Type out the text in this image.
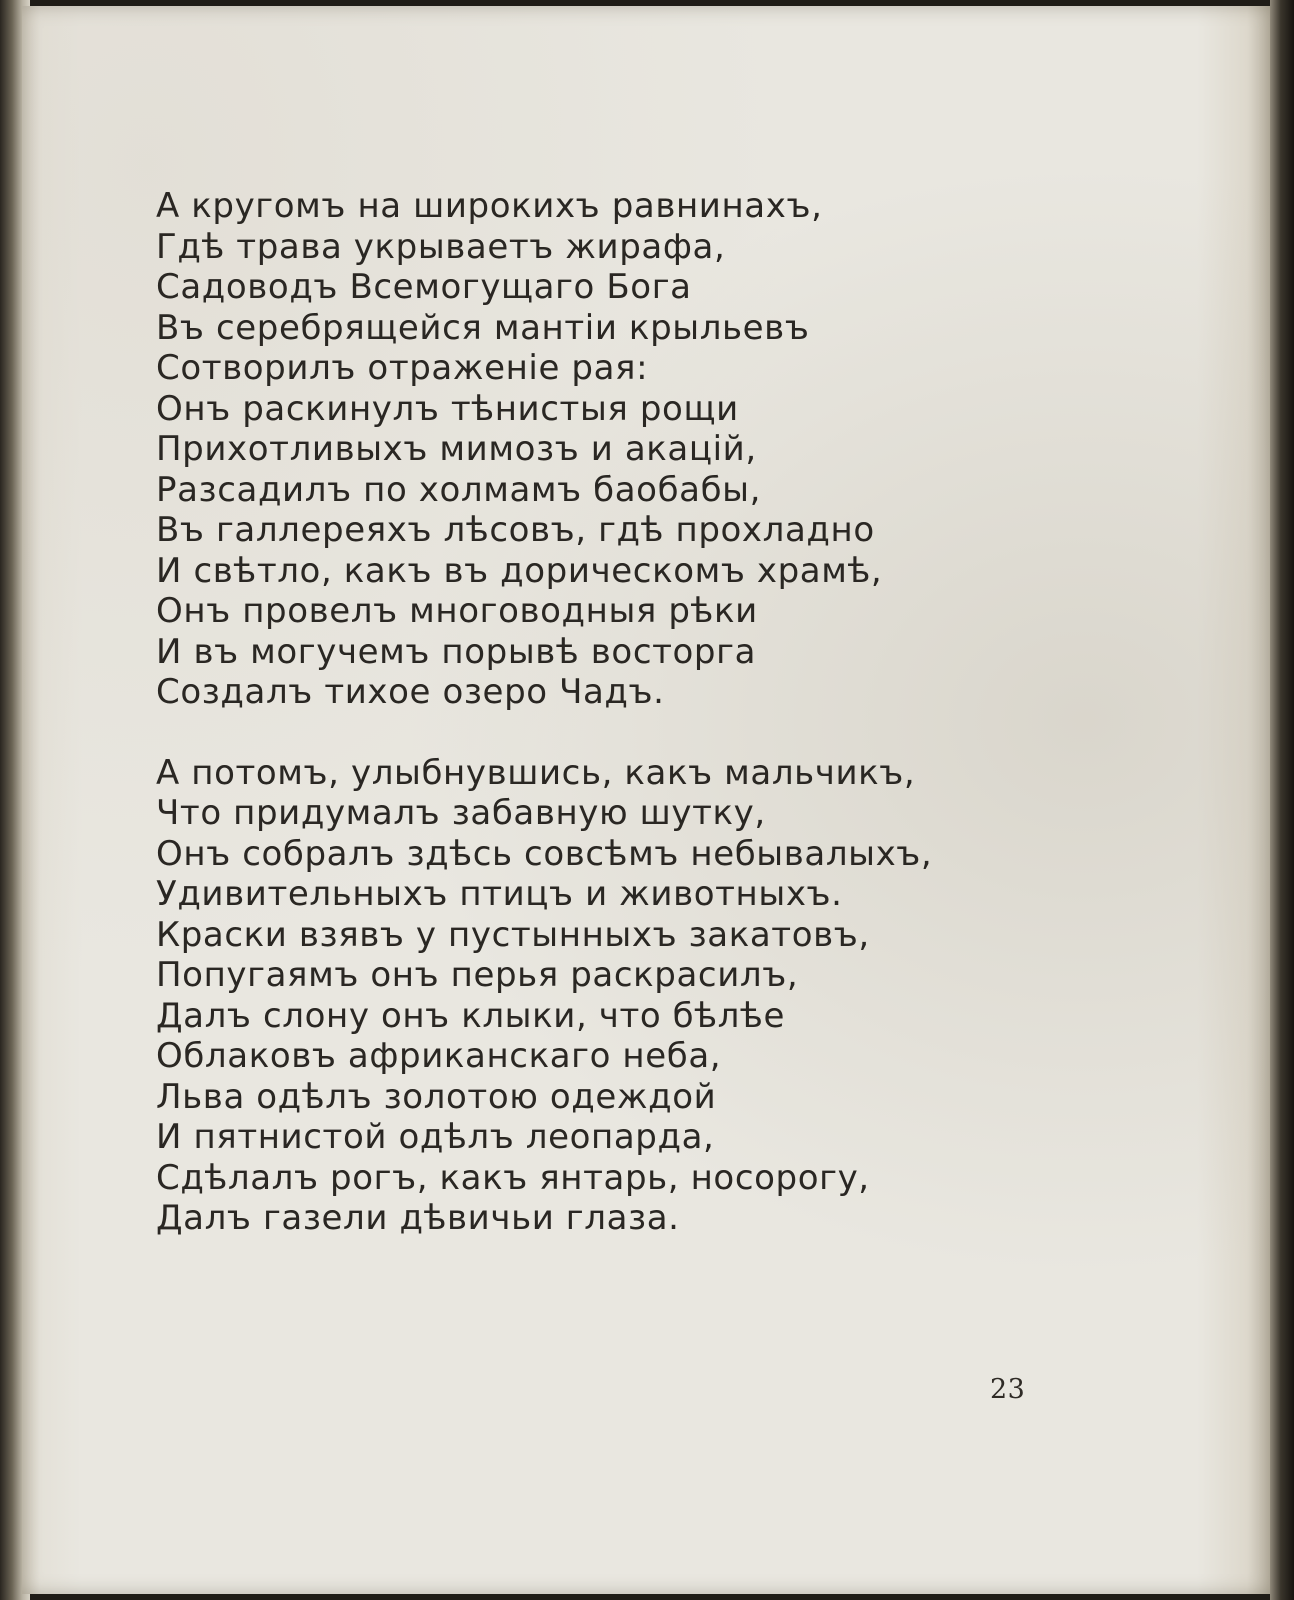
А кругомъ на широкихъ равнинахъ,
Гдѣ трава укрываетъ жирафа,
Садоводъ Всемогущаго Бога
Въ серебрящейся мантіи крыльевъ
Сотворилъ отраженіе рая:
Онъ раскинулъ тѣнистыя рощи
Прихотливыхъ мимозъ и акацій,
Разсадилъ по холмамъ баобабы,
Въ галлереяхъ лѣсовъ, гдѣ прохладно
И свѣтло, какъ въ дорическомъ храмѣ,
Онъ провелъ многоводныя рѣки
И въ могучемъ порывѣ восторга
Создалъ тихое озеро Чадъ.
А потомъ, улыбнувшись, какъ мальчикъ,
Что придумалъ забавную шутку,
Онъ собралъ здѣсь совсѣмъ небывалыхъ,
Удивительныхъ птицъ и животныхъ.
Краски взявъ у пустынныхъ закатовъ,
Попугаямъ онъ перья раскрасилъ,
Далъ слону онъ клыки, что бѣлѣе
Облаковъ африканскаго неба,
Льва одѣлъ золотою одеждой
И пятнистой одѣлъ леопарда,
Сдѣлалъ рогъ, какъ янтарь, носорогу,
Далъ газели дѣвичьи глаза.
23
